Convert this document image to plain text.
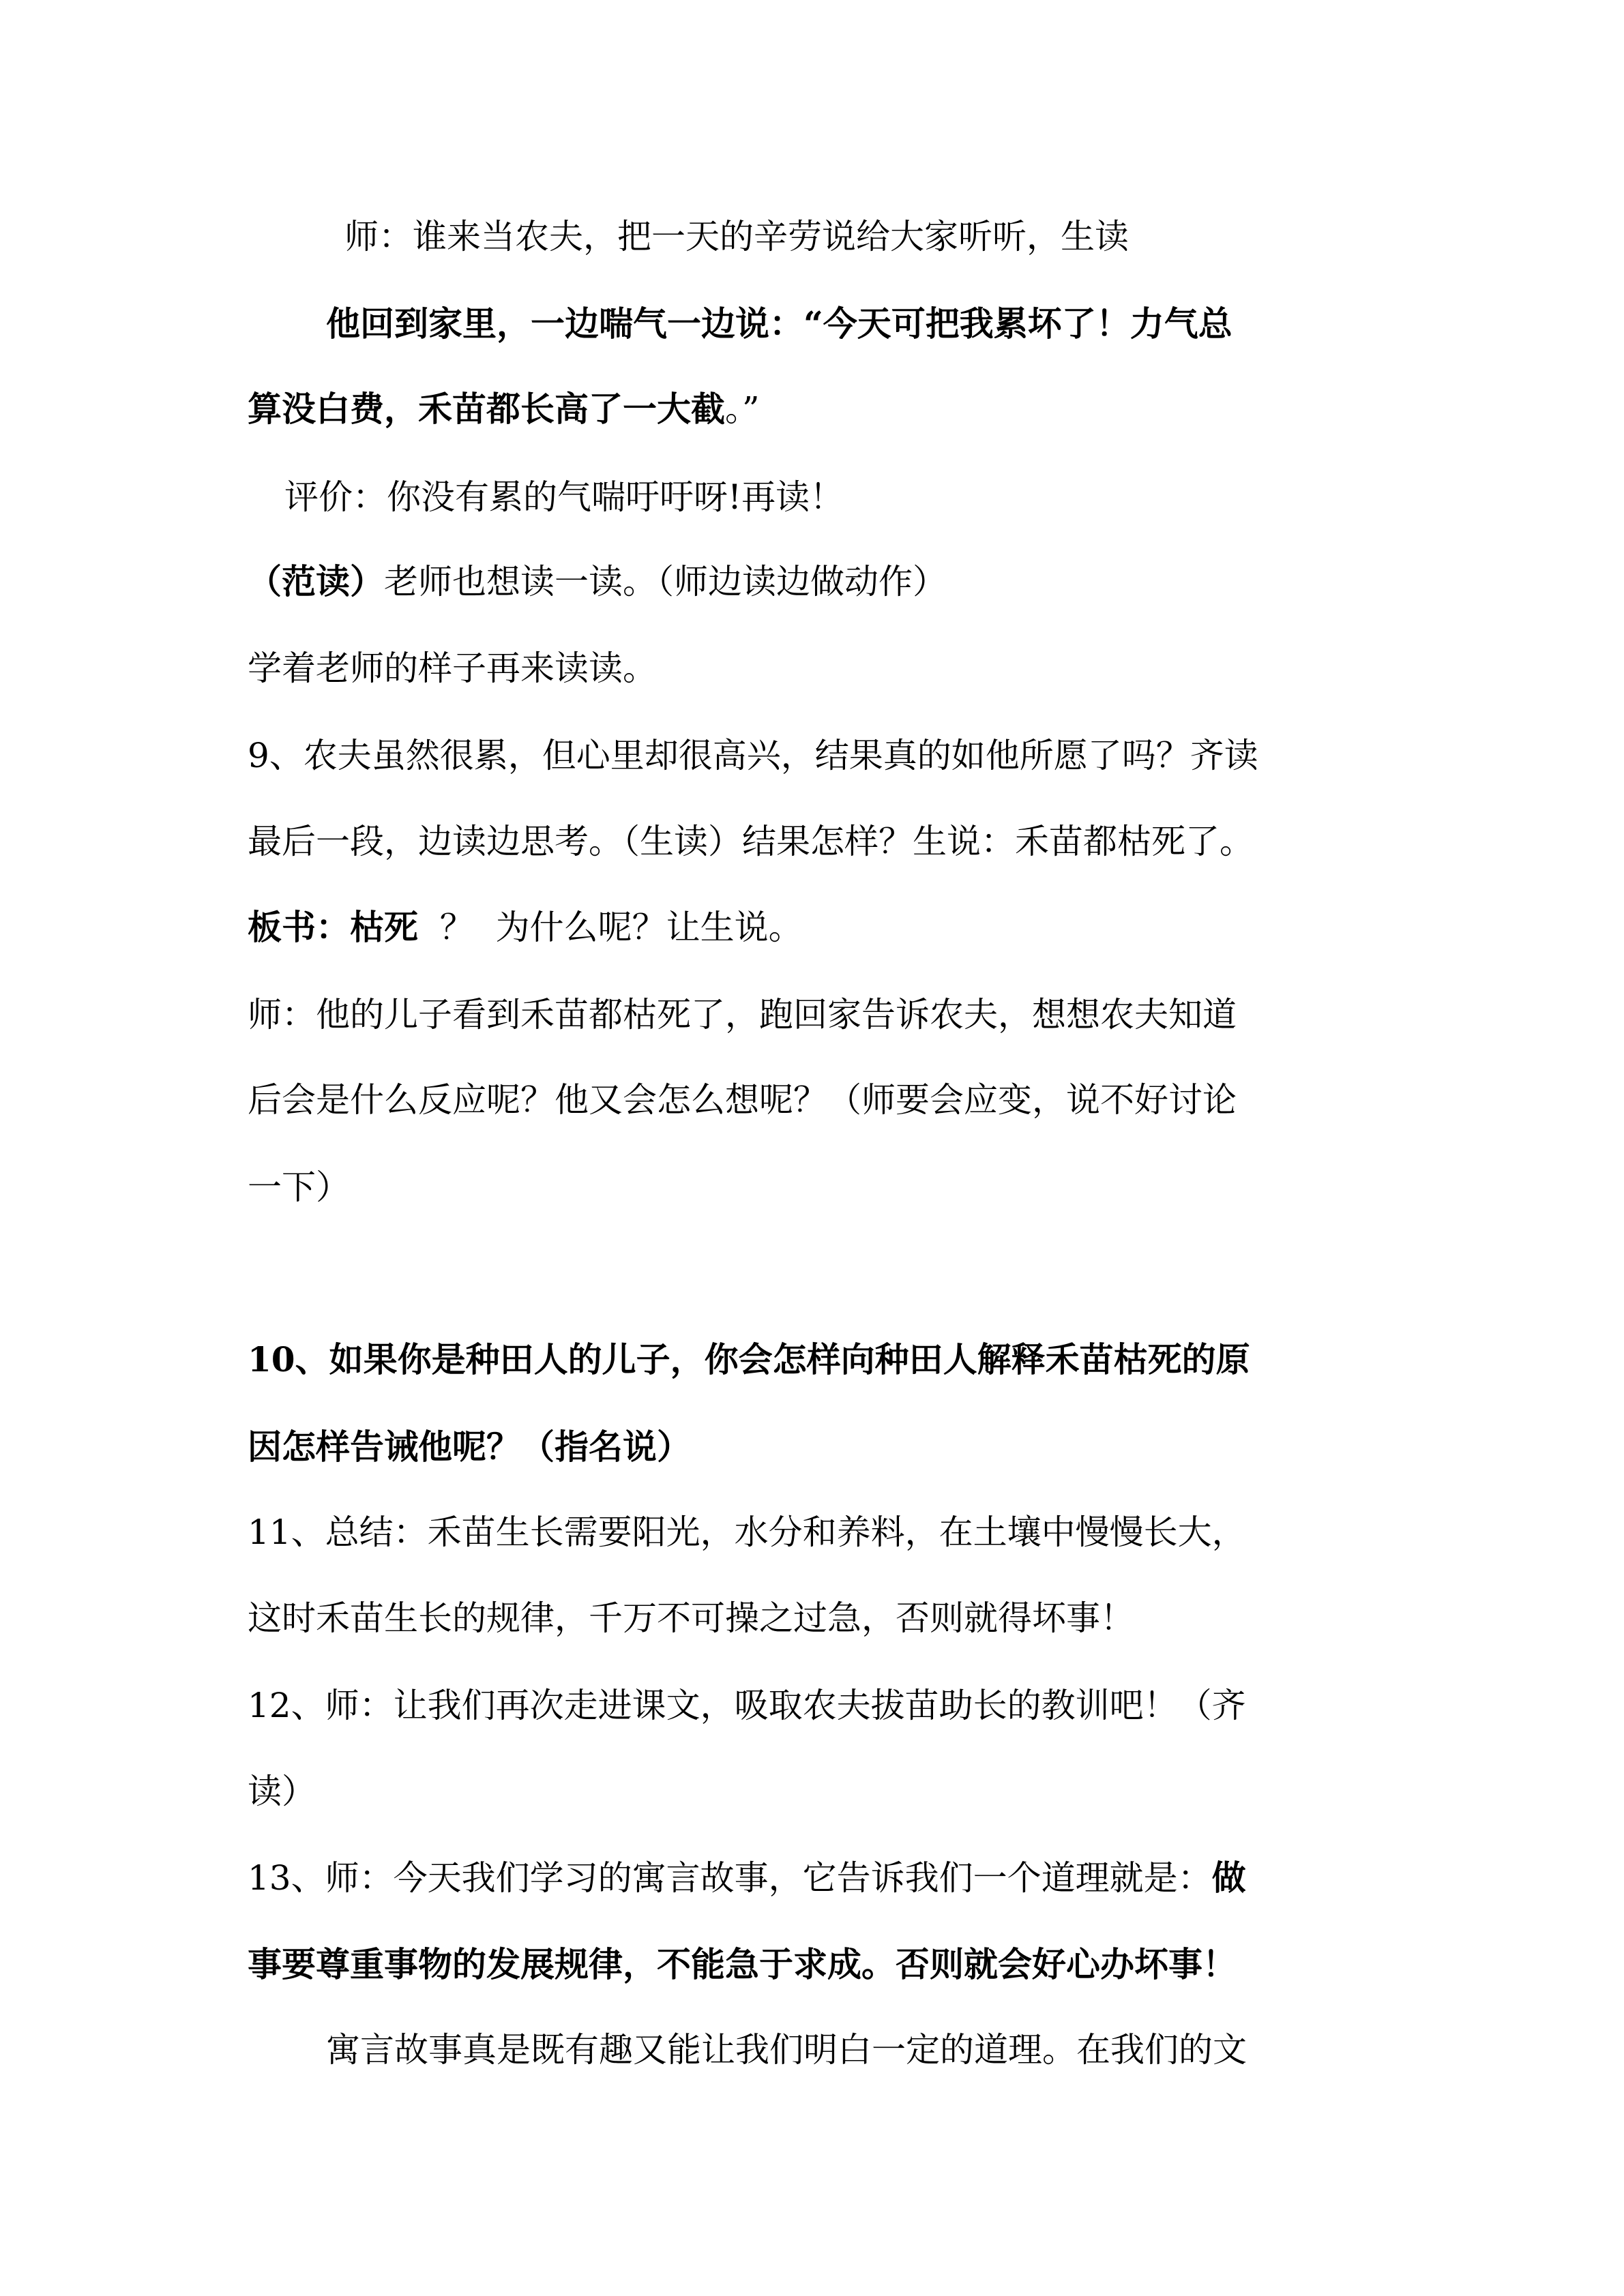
师：谁来当农夫，把一天的辛劳说给大家听听，生读
他回到家里，一边喘气一边说：“今天可把我累坏了！力气总
算没白费，禾苗都长高了一大截。”
评价：你没有累的气喘吁吁呀!再读！
（范读）老师也想读一读。（师边读边做动作）
学着老师的样子再来读读。
9、农夫虽然很累，但心里却很高兴，结果真的如他所愿了吗？齐读
最后一段，边读边思考。（生读）结果怎样？生说：禾苗都枯死了。
板书：枯死  ？  为什么呢？让生说。
师：他的儿子看到禾苗都枯死了，跑回家告诉农夫，想想农夫知道
后会是什么反应呢？他又会怎么想呢？（师要会应变，说不好讨论
一下）
10、如果你是种田人的儿子，你会怎样向种田人解释禾苗枯死的原
因怎样告诫他呢？（指名说）
11、总结：禾苗生长需要阳光，水分和养料，在土壤中慢慢长大，
这时禾苗生长的规律，千万不可操之过急，否则就得坏事！
12、师：让我们再次走进课文，吸取农夫拔苗助长的教训吧！（齐
读）
13、师：今天我们学习的寓言故事，它告诉我们一个道理就是：做
事要尊重事物的发展规律，不能急于求成。否则就会好心办坏事！
寓言故事真是既有趣又能让我们明白一定的道理。在我们的文
